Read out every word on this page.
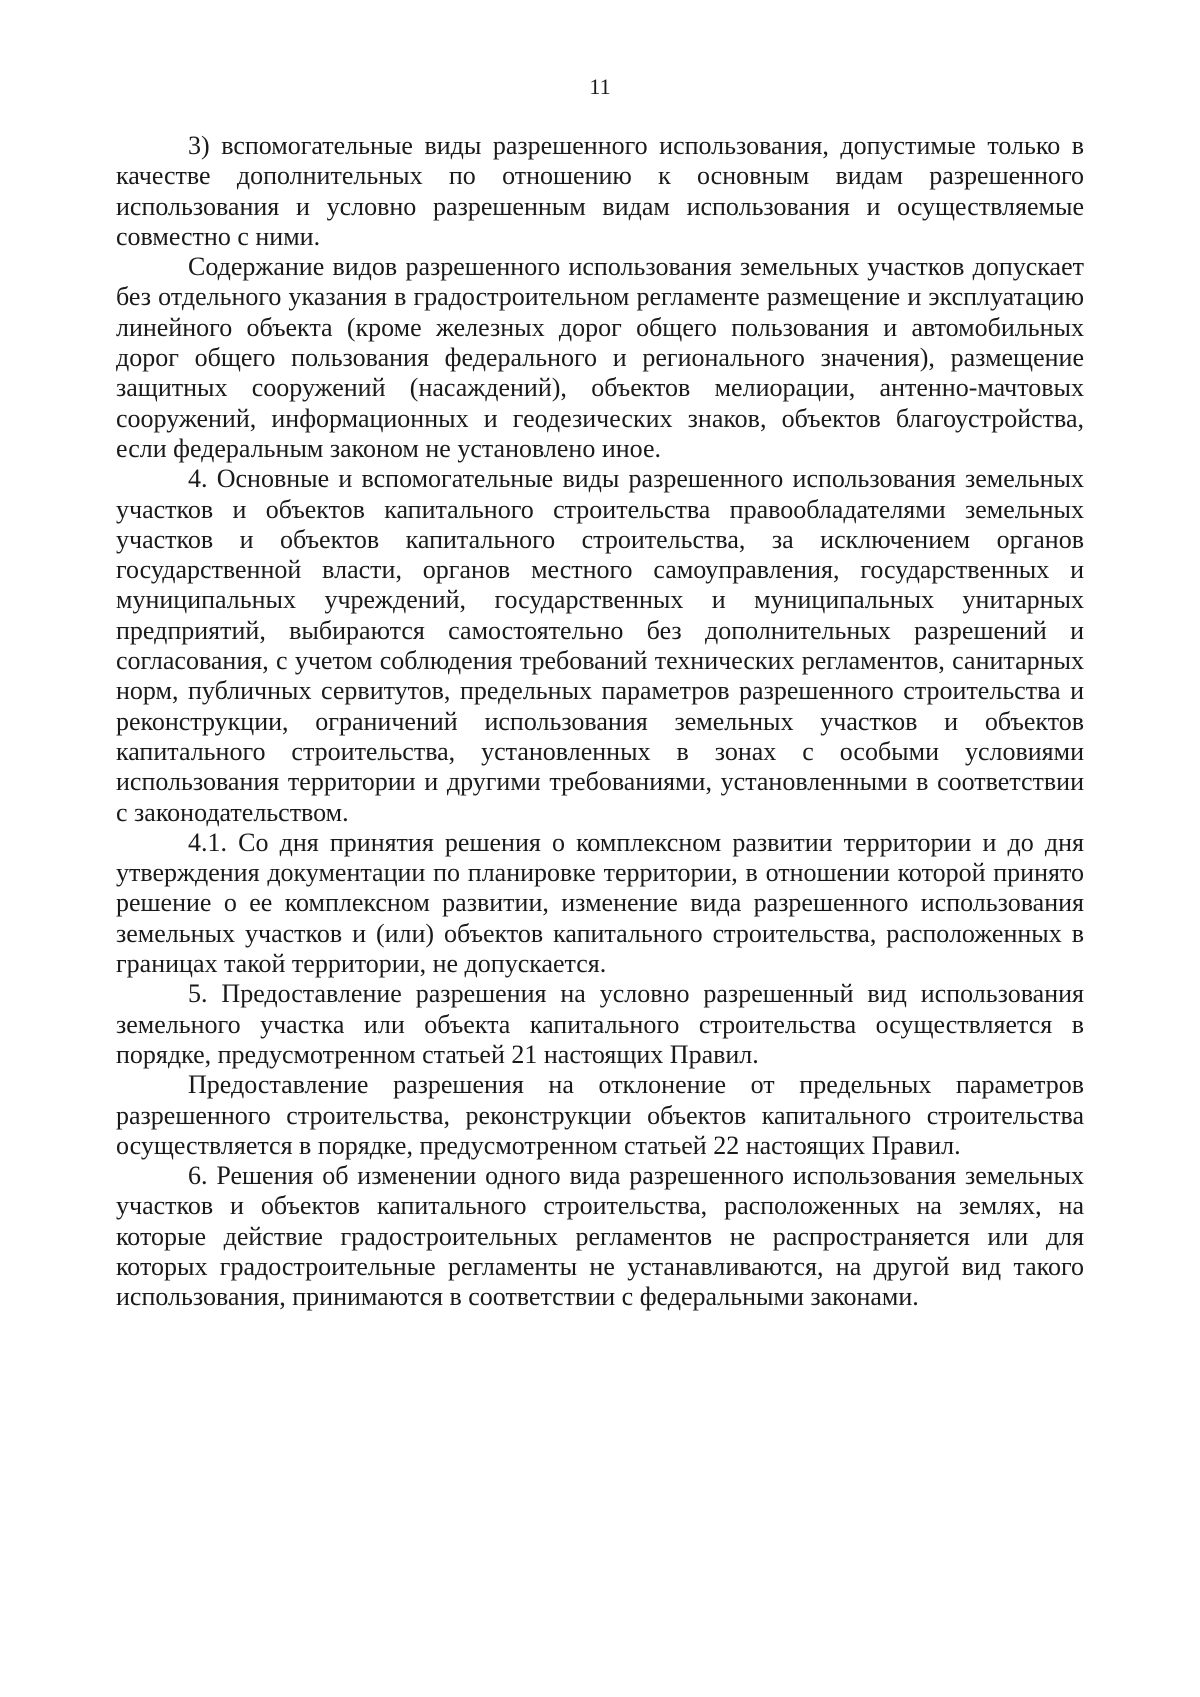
11

3) вспомогательные виды разрешенного использования, допустимые только в качестве дополнительных по отношению к основным видам разрешенного использования и условно разрешенным видам использования и осуществляемые совместно с ними.

Содержание видов разрешенного использования земельных участков допускает без отдельного указания в градостроительном регламенте размещение и эксплуатацию линейного объекта (кроме железных дорог общего пользования и автомобильных дорог общего пользования федерального и регионального значения), размещение защитных сооружений (насаждений), объектов мелиорации, антенно-мачтовых сооружений, информационных и геодезических знаков, объектов благоустройства, если федеральным законом не установлено иное.

4. Основные и вспомогательные виды разрешенного использования земельных участков и объектов капитального строительства правообладателями земельных участков и объектов капитального строительства, за исключением органов государственной власти, органов местного самоуправления, государственных и муниципальных учреждений, государственных и муниципальных унитарных предприятий, выбираются самостоятельно без дополнительных разрешений и согласования, с учетом соблюдения требований технических регламентов, санитарных норм, публичных сервитутов, предельных параметров разрешенного строительства и реконструкции, ограничений использования земельных участков и объектов капитального строительства, установленных в зонах с особыми условиями использования территории и другими требованиями, установленными в соответствии с законодательством.

4.1. Со дня принятия решения о комплексном развитии территории и до дня утверждения документации по планировке территории, в отношении которой принято решение о ее комплексном развитии, изменение вида разрешенного использования земельных участков и (или) объектов капитального строительства, расположенных в границах такой территории, не допускается.

5. Предоставление разрешения на условно разрешенный вид использования земельного участка или объекта капитального строительства осуществляется в порядке, предусмотренном статьей 21 настоящих Правил.

Предоставление разрешения на отклонение от предельных параметров разрешенного строительства, реконструкции объектов капитального строительства осуществляется в порядке, предусмотренном статьей 22 настоящих Правил.

6. Решения об изменении одного вида разрешенного использования земельных участков и объектов капитального строительства, расположенных на землях, на которые действие градостроительных регламентов не распространяется или для которых градостроительные регламенты не устанавливаются, на другой вид такого использования, принимаются в соответствии с федеральными законами.
